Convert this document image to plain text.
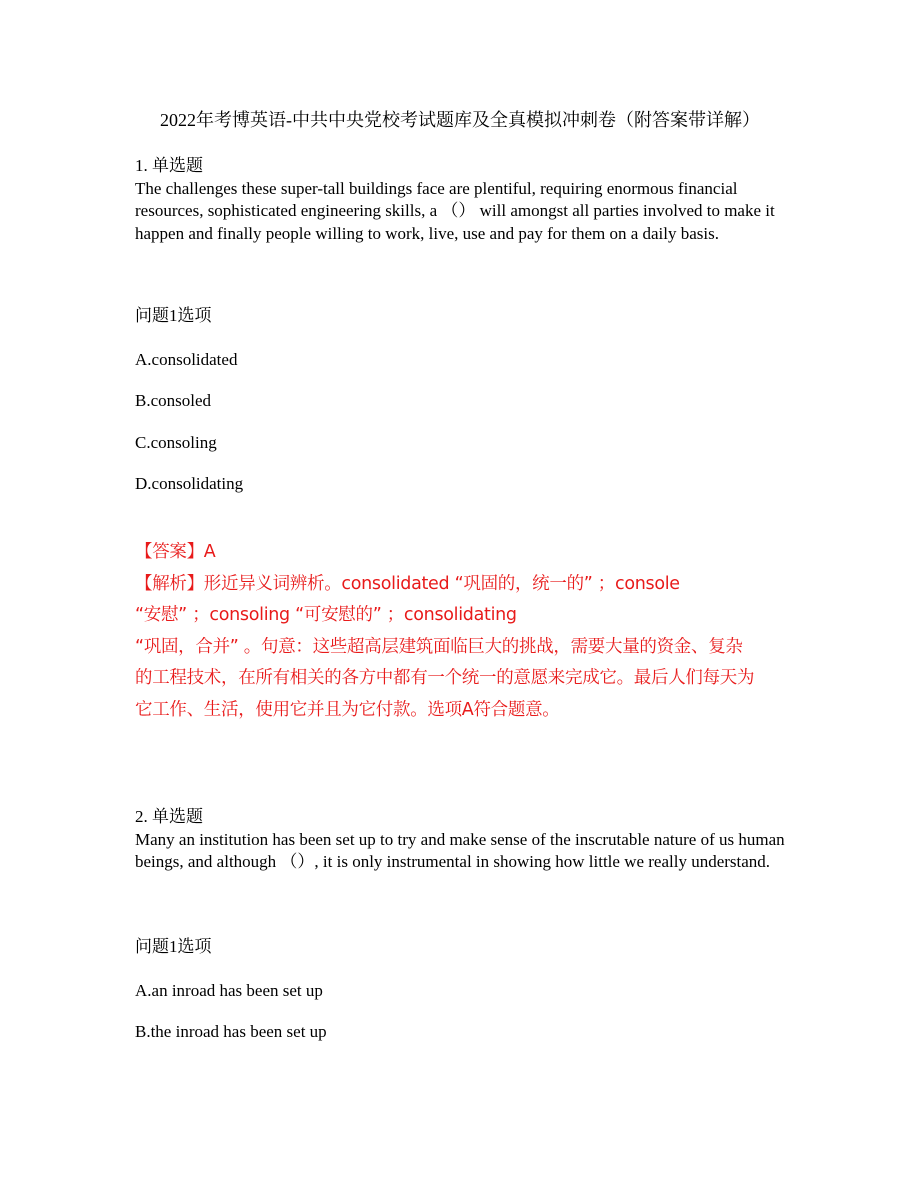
2022年考博英语-中共中央党校考试题库及全真模拟冲刺卷（附答案带详解）
1. 单选题
The challenges these super-tall buildings face are plentiful, requiring enormous financial resources, sophisticated engineering skills, a （） will amongst all parties involved to make it happen and finally people willing to work, live, use and pay for them on a daily basis.
问题1选项
A.consolidated
B.consoled
C.consoling
D.consolidating
【答案】A
【解析】形近异义词辨析。consolidated “巩固的，统一的” ；console
“安慰” ；consoling “可安慰的” ；consolidating
“巩固，合并” 。句意：这些超高层建筑面临巨大的挑战，需要大量的资金、复杂
的工程技术，在所有相关的各方中都有一个统一的意愿来完成它。最后人们每天为
它工作、生活，使用它并且为它付款。选项A符合题意。
2. 单选题
Many an institution has been set up to try and make sense of the inscrutable nature of us human beings, and although （）, it is only instrumental in showing how little we really understand.
问题1选项
A.an inroad has been set up
B.the inroad has been set up
